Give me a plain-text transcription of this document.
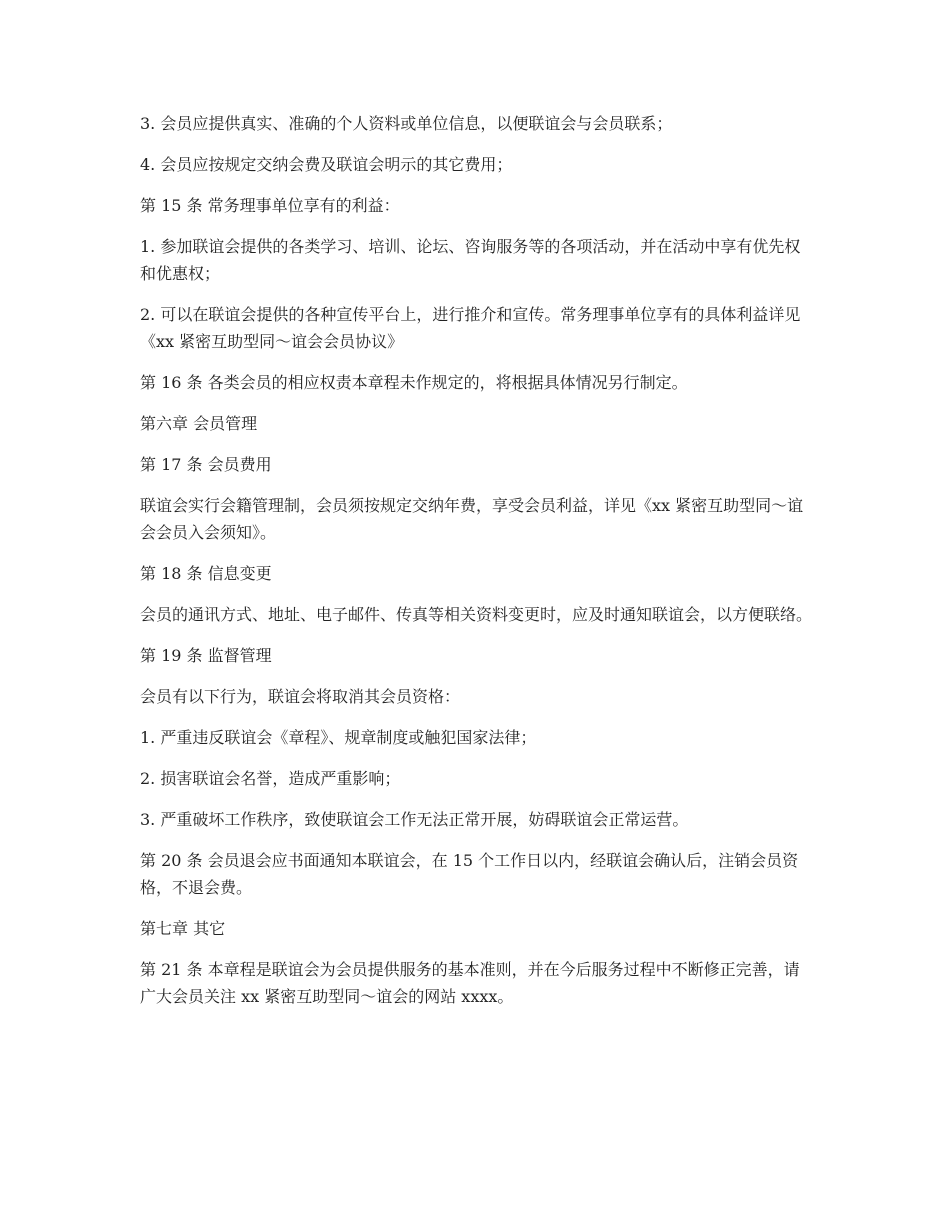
3. 会员应提供真实、准确的个人资料或单位信息，以便联谊会与会员联系；

4. 会员应按规定交纳会费及联谊会明示的其它费用；

第 15 条 常务理事单位享有的利益：

1. 参加联谊会提供的各类学习、培训、论坛、咨询服务等的各项活动，并在活动中享有优先权和优惠权；

2. 可以在联谊会提供的各种宣传平台上，进行推介和宣传。常务理事单位享有的具体利益详见《xx 紧密互助型同～谊会会员协议》

第 16 条 各类会员的相应权责本章程未作规定的，将根据具体情况另行制定。

第六章 会员管理

第 17 条 会员费用

联谊会实行会籍管理制，会员须按规定交纳年费，享受会员利益，详见《xx 紧密互助型同～谊会会员入会须知》。

第 18 条 信息变更

会员的通讯方式、地址、电子邮件、传真等相关资料变更时，应及时通知联谊会，以方便联络。

第 19 条 监督管理

会员有以下行为，联谊会将取消其会员资格：

1. 严重违反联谊会《章程》、规章制度或触犯国家法律；

2. 损害联谊会名誉，造成严重影响；

3. 严重破坏工作秩序，致使联谊会工作无法正常开展，妨碍联谊会正常运营。

第 20 条 会员退会应书面通知本联谊会，在 15 个工作日以内，经联谊会确认后，注销会员资格，不退会费。

第七章 其它

第 21 条 本章程是联谊会为会员提供服务的基本准则，并在今后服务过程中不断修正完善，请广大会员关注 xx 紧密互助型同～谊会的网站 xxxx。
